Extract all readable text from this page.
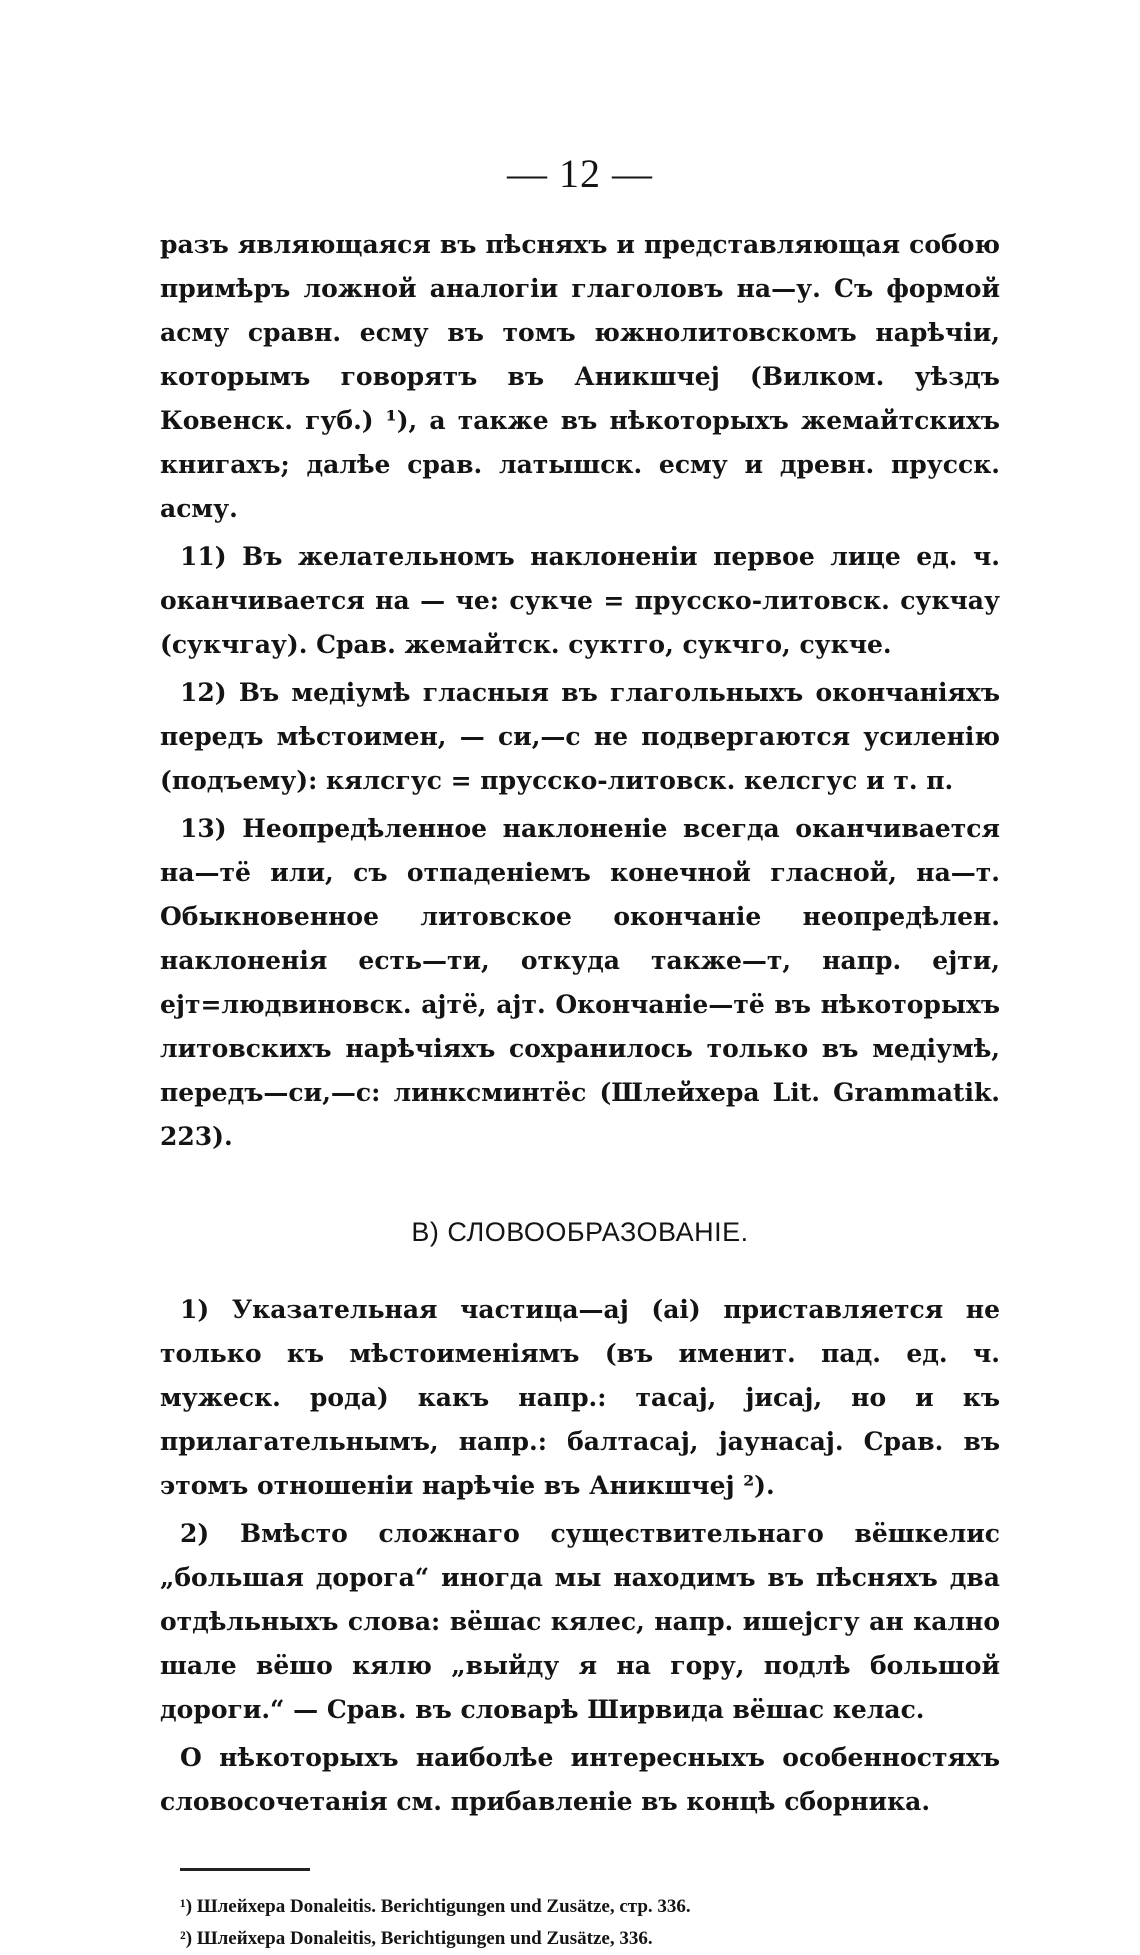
— 12 —

разъ являющаяся въ пѣсняхъ и представляющая собою примѣръ ложной аналогіи глаголовъ на—у. Съ формой асму сравн. есму въ томъ южнолитовскомъ нарѣчіи, которымъ говорятъ въ Аникшчеј (Вилком. уѣздъ Ковенск. губ.) ¹), а также въ нѣкоторыхъ жемайтскихъ книгахъ; далѣе срав. латышск. есму и древн. прусск. асму.

11) Въ желательномъ наклоненіи первое лице ед. ч. оканчивается на — че: сукче = прусско-литовск. сукчау (сукчгау). Срав. жемайтск. суктго, сукчго, сукче.

12) Въ медіумѣ гласныя въ глагольныхъ окончаніяхъ передъ мѣстоимен, — си,—с не подвергаются усиленію (подъему): кялсгус = прусско-литовск. келсгус и т. п.

13) Неопредѣленное наклоненіе всегда оканчивается на—тё или, съ отпаденіемъ конечной гласной, на—т. Обыкновенное литовское окончаніе неопредѣлен. наклоненія есть—ти, откуда также—т, напр. еjти, еjт=людвиновск. аjтё, аjт. Окончаніе—тё въ нѣкоторыхъ литовскихъ нарѣчіяхъ сохранилось только въ медіумѣ, передъ—си,—с: линксминтёс (Шлейхера Lit. Grammatik. 223).

В) СЛОВООБРАЗОВАНІЕ.

1) Указательная частица—аj (аі) приставляется не только къ мѣстоименіямъ (въ именит. пад. ед. ч. мужеск. рода) какъ напр.: тасаj, јисаj, но и къ прилагательнымъ, напр.: балтасаj, јаунасаj. Срав. въ этомъ отношеніи нарѣчіе въ Аникшчеј ²).

2) Вмѣсто сложнаго существительнаго вёшкелис „большая дорога“ иногда мы находимъ въ пѣсняхъ два отдѣльныхъ слова: вёшас кялес, напр. ишеjсгу ан кално шале вёшо кялю „выйду я на гору, подлѣ большой дороги.“ — Срав. въ словарѣ Ширвида вёшас келас.

О нѣкоторыхъ наиболѣе интересныхъ особенностяхъ словосочетанія см. прибавленіе въ концѣ сборника.

¹) Шлейхера Donaleitis. Berichtigungen und Zusätze, стр. 336.

²) Шлейхера Donaleitis, Berichtigungen und Zusätze, 336.
